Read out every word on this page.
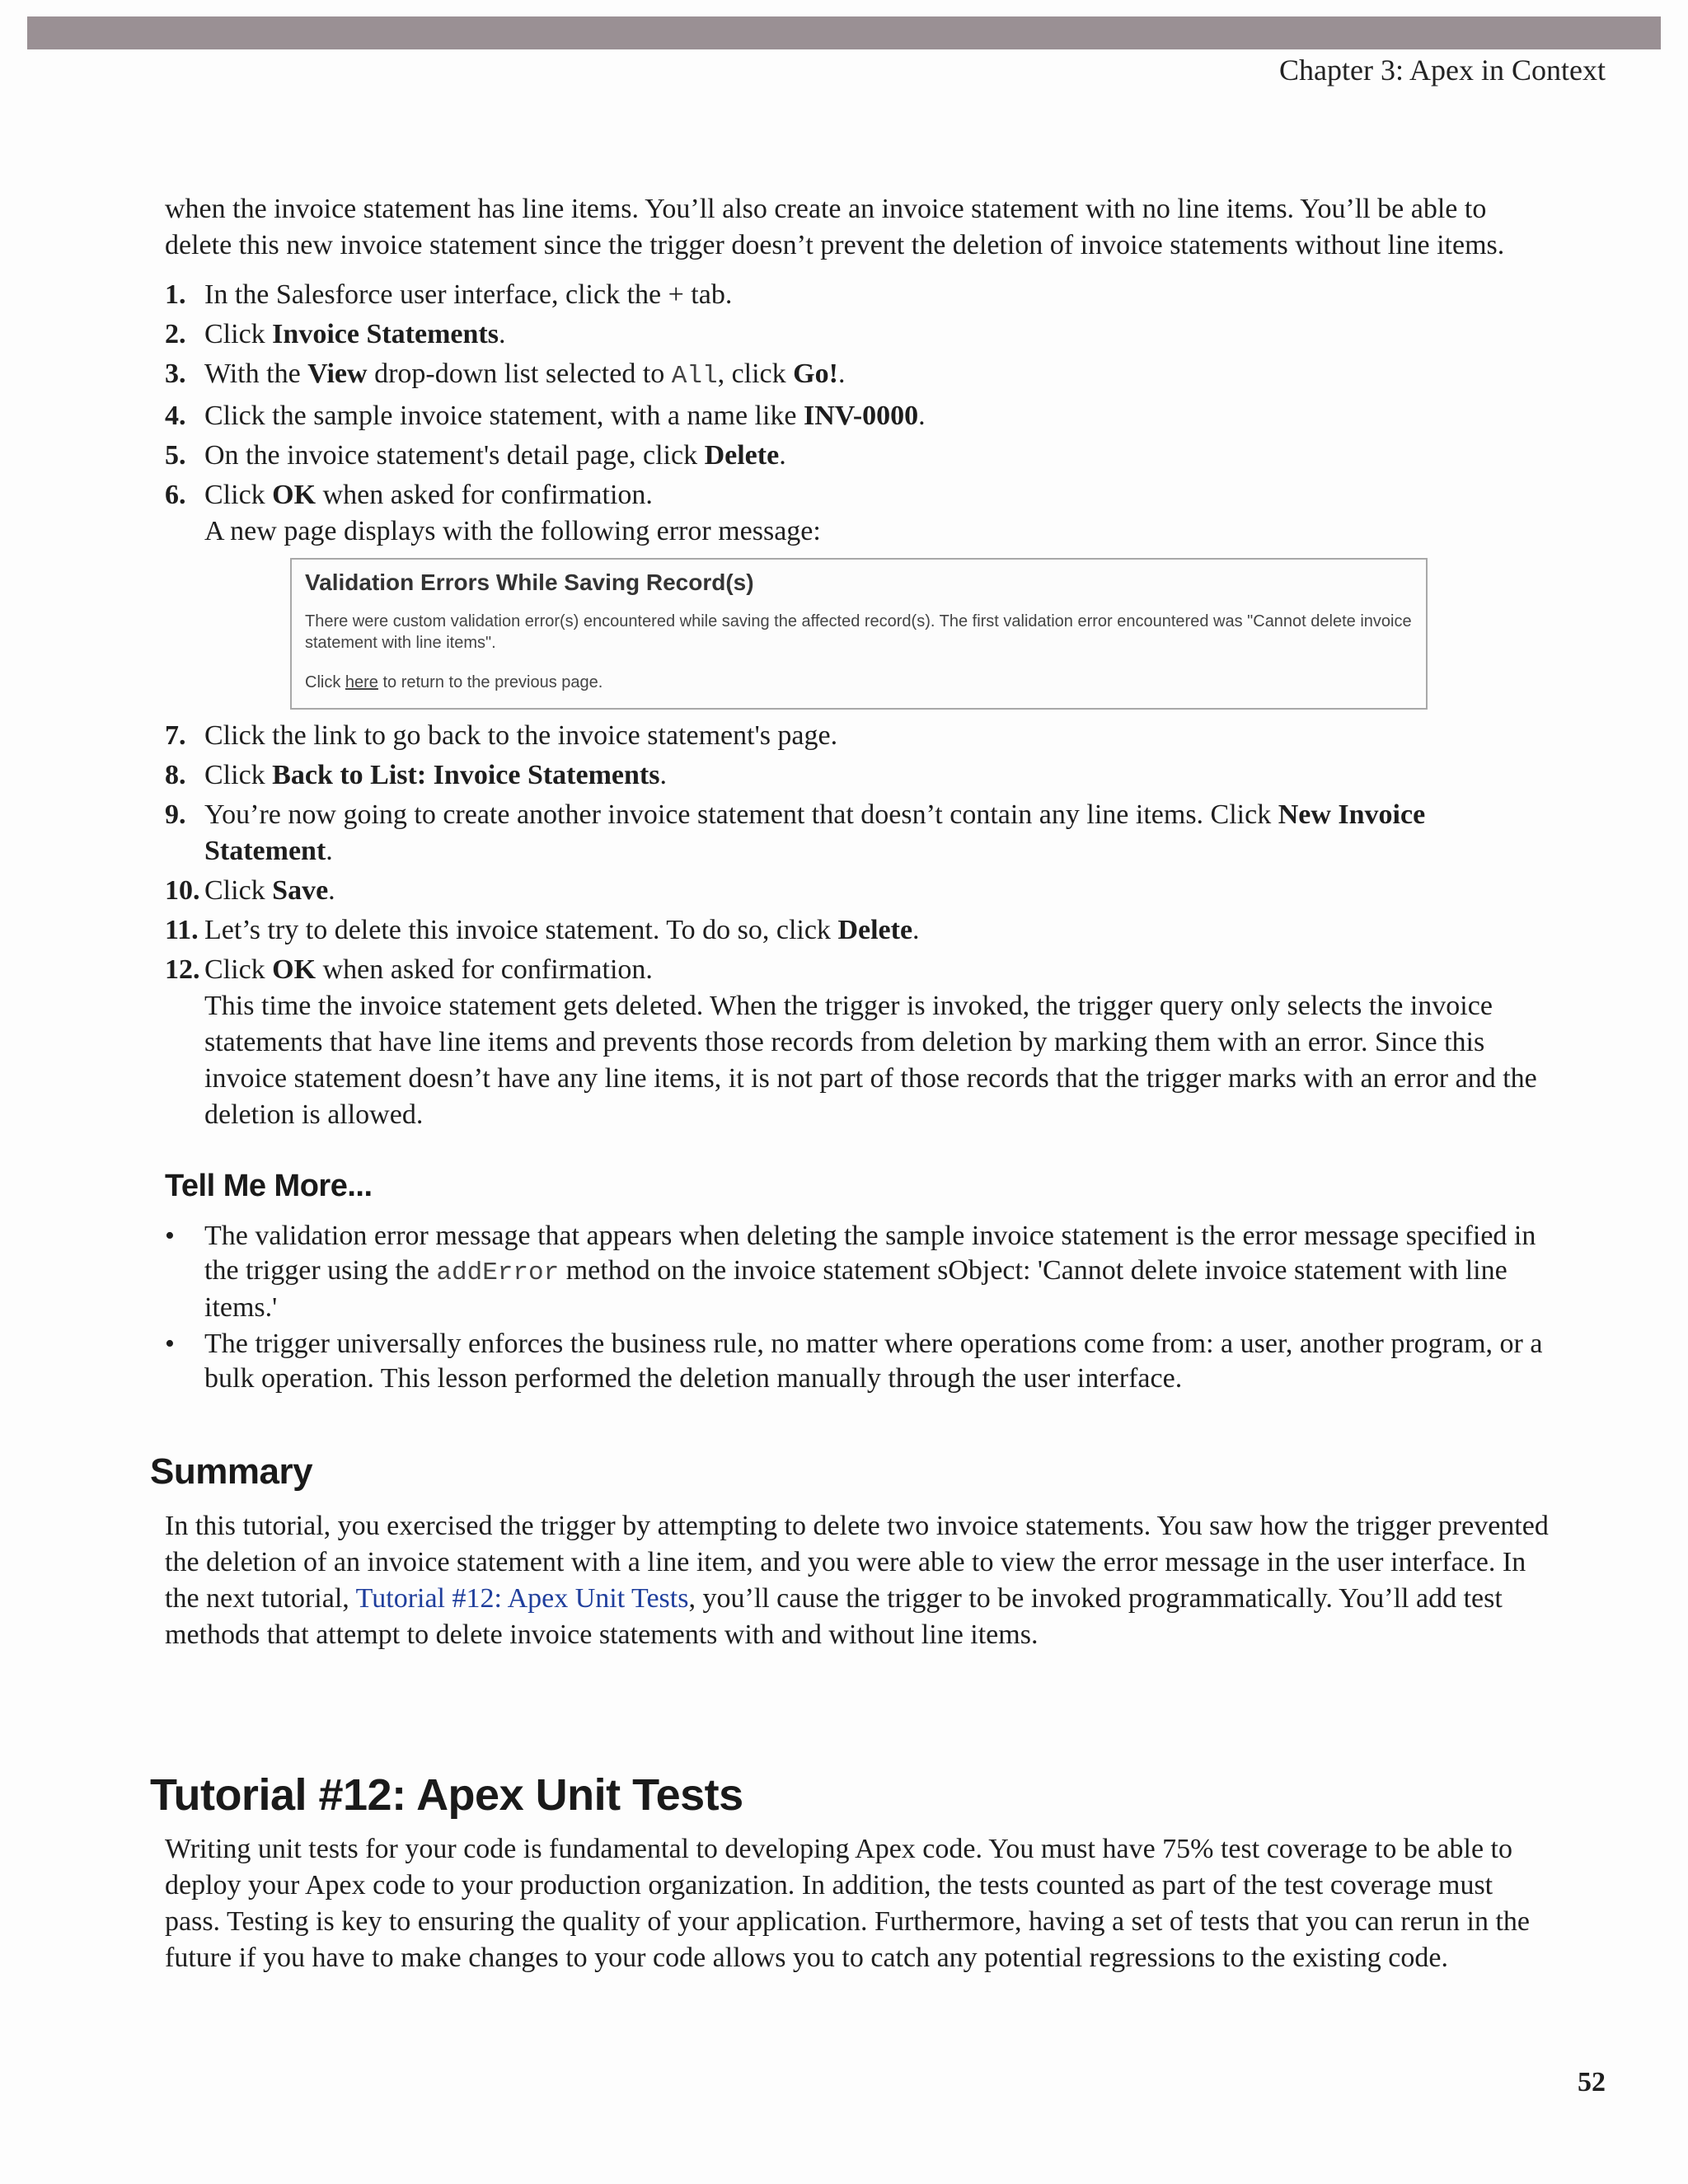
Chapter 3: Apex in Context

when the invoice statement has line items. You’ll also create an invoice statement with no line items. You’ll be able to delete this new invoice statement since the trigger doesn’t prevent the deletion of invoice statements without line items.

1. In the Salesforce user interface, click the + tab.
2. Click Invoice Statements.
3. With the View drop-down list selected to All, click Go!.
4. Click the sample invoice statement, with a name like INV-0000.
5. On the invoice statement's detail page, click Delete.
6. Click OK when asked for confirmation.
A new page displays with the following error message:
Validation Errors While Saving Record(s)
There were custom validation error(s) encountered while saving the affected record(s). The first validation error encountered was "Cannot delete invoice statement with line items".
Click here to return to the previous page.
7. Click the link to go back to the invoice statement's page.
8. Click Back to List: Invoice Statements.
9. You’re now going to create another invoice statement that doesn’t contain any line items. Click New Invoice Statement.
10. Click Save.
11. Let’s try to delete this invoice statement. To do so, click Delete.
12. Click OK when asked for confirmation.
This time the invoice statement gets deleted. When the trigger is invoked, the trigger query only selects the invoice statements that have line items and prevents those records from deletion by marking them with an error. Since this invoice statement doesn’t have any line items, it is not part of those records that the trigger marks with an error and the deletion is allowed.
Tell Me More...
• The validation error message that appears when deleting the sample invoice statement is the error message specified in the trigger using the addError method on the invoice statement sObject: 'Cannot delete invoice statement with line items.'
• The trigger universally enforces the business rule, no matter where operations come from: a user, another program, or a bulk operation. This lesson performed the deletion manually through the user interface.
Summary

In this tutorial, you exercised the trigger by attempting to delete two invoice statements. You saw how the trigger prevented the deletion of an invoice statement with a line item, and you were able to view the error message in the user interface. In the next tutorial, Tutorial #12: Apex Unit Tests, you’ll cause the trigger to be invoked programmatically. You’ll add test methods that attempt to delete invoice statements with and without line items.

Tutorial #12: Apex Unit Tests

Writing unit tests for your code is fundamental to developing Apex code. You must have 75% test coverage to be able to deploy your Apex code to your production organization. In addition, the tests counted as part of the test coverage must pass. Testing is key to ensuring the quality of your application. Furthermore, having a set of tests that you can rerun in the future if you have to make changes to your code allows you to catch any potential regressions to the existing code.

52
